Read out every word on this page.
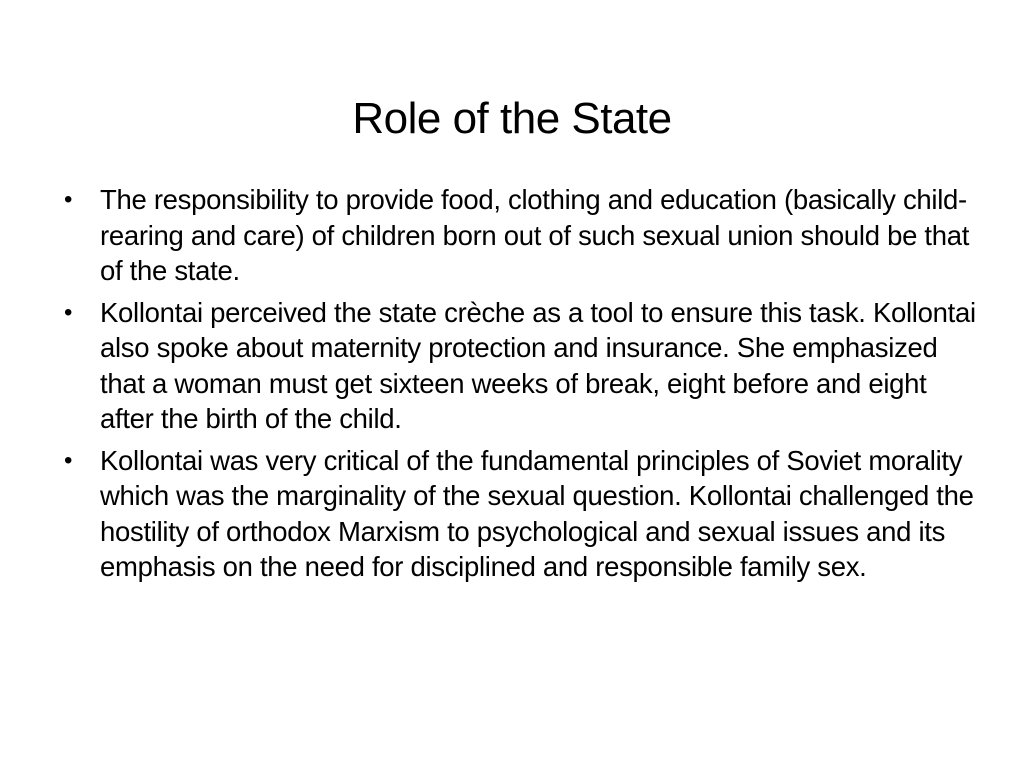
Role of the State
• The responsibility to provide food, clothing and education (basically child-rearing and care) of children born out of such sexual union should be that of the state.
• Kollontai perceived the state crèche as a tool to ensure this task. Kollontai also spoke about maternity protection and insurance. She emphasized that a woman must get sixteen weeks of break, eight before and eight after the birth of the child.
• Kollontai was very critical of the fundamental principles of Soviet morality which was the marginality of the sexual question. Kollontai challenged the hostility of orthodox Marxism to psychological and sexual issues and its emphasis on the need for disciplined and responsible family sex.
